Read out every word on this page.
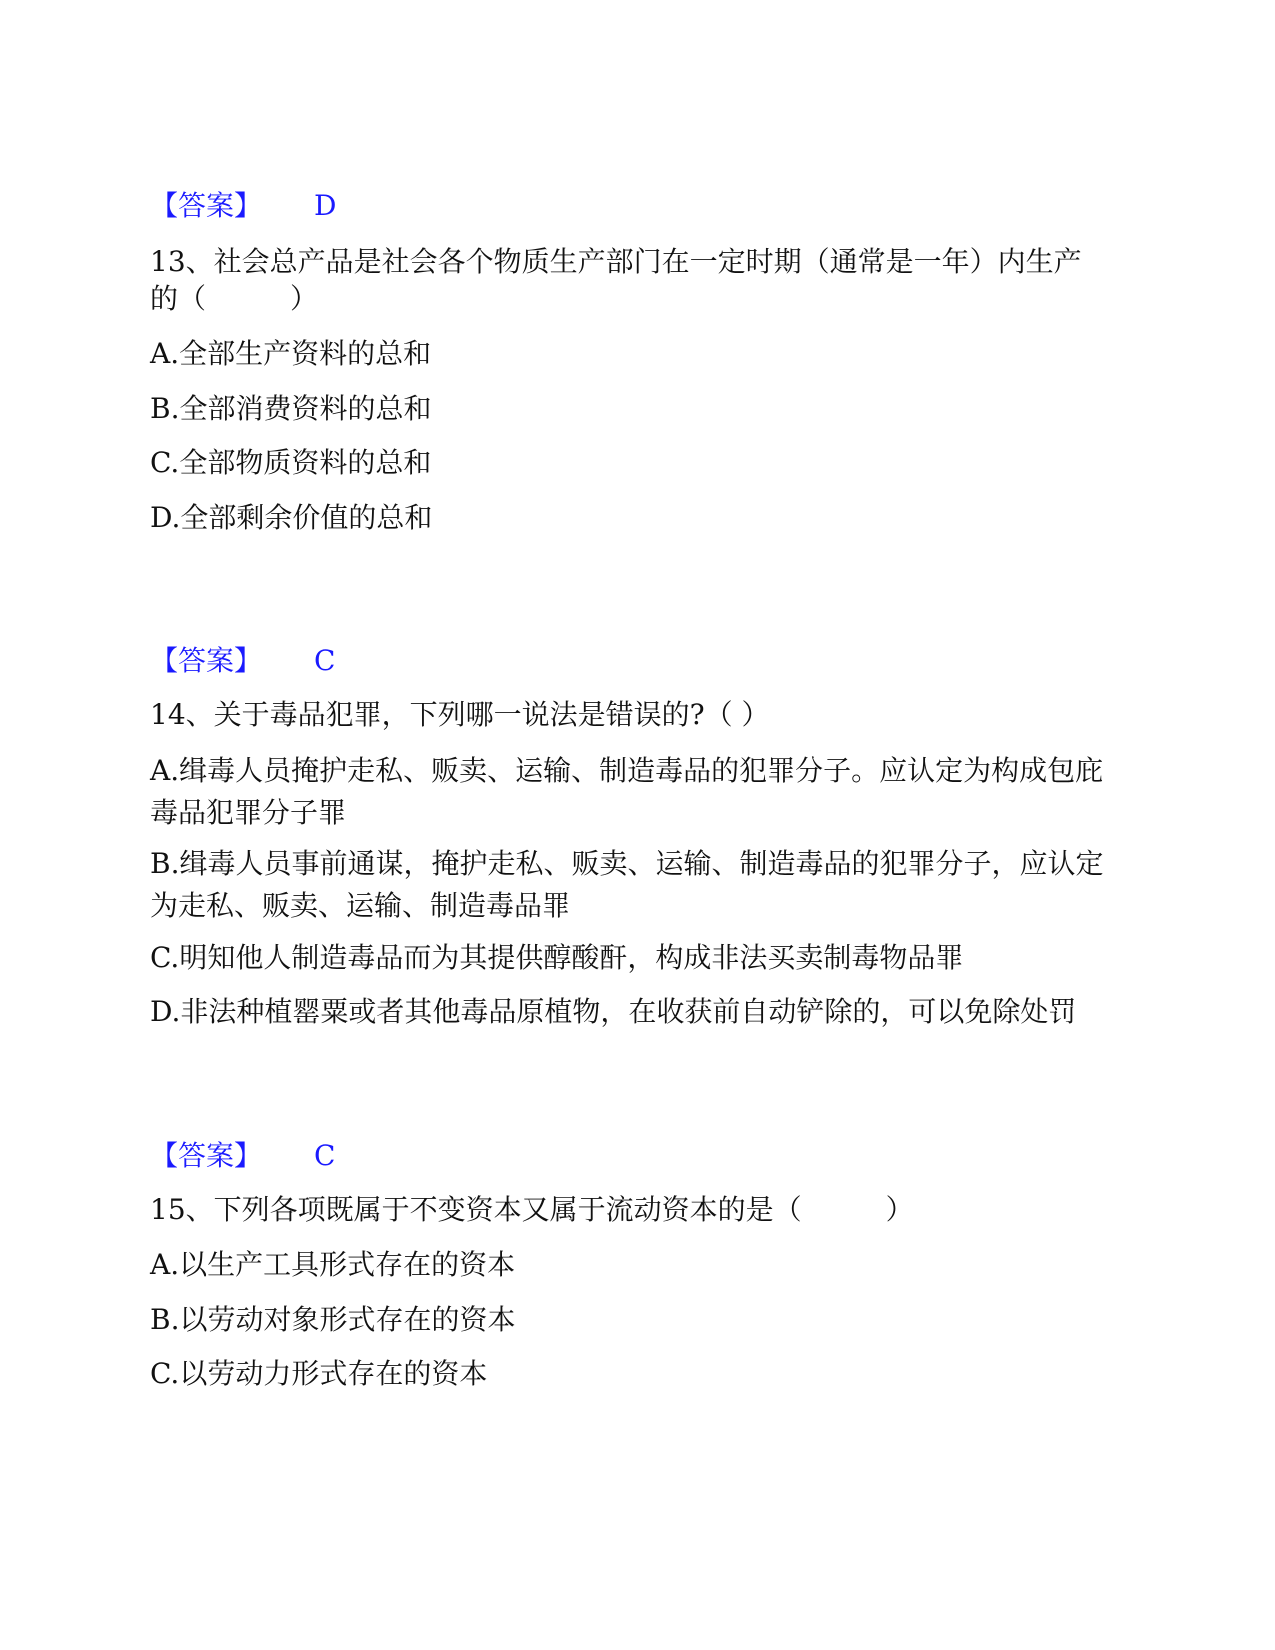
【答案】 D
13、社会总产品是社会各个物质生产部门在一定时期（通常是一年）内生产
的（　　　）
A.全部生产资料的总和
B.全部消费资料的总和
C.全部物质资料的总和
D.全部剩余价值的总和
【答案】 C
14、关于毒品犯罪，下列哪一说法是错误的?（ ）
A.缉毒人员掩护走私、贩卖、运输、制造毒品的犯罪分子。应认定为构成包庇毒品犯罪分子罪
B.缉毒人员事前通谋，掩护走私、贩卖、运输、制造毒品的犯罪分子，应认定为走私、贩卖、运输、制造毒品罪
C.明知他人制造毒品而为其提供醇酸酐，构成非法买卖制毒物品罪
D.非法种植罂粟或者其他毒品原植物，在收获前自动铲除的，可以免除处罚
【答案】 C
15、下列各项既属于不变资本又属于流动资本的是（　　　）
A.以生产工具形式存在的资本
B.以劳动对象形式存在的资本
C.以劳动力形式存在的资本
